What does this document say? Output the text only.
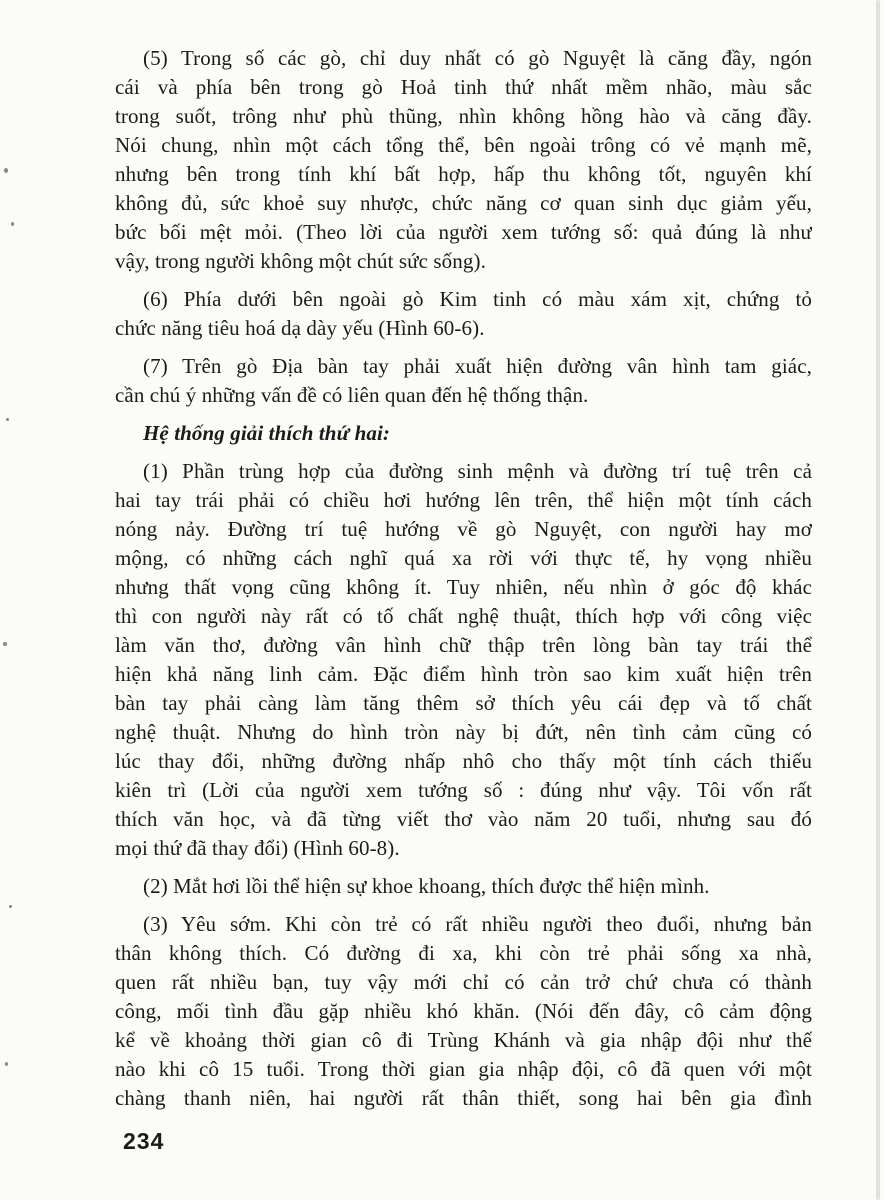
(5) Trong số các gò, chỉ duy nhất có gò Nguyệt là căng đầy, ngón
cái và phía bên trong gò Hoả tinh thứ nhất mềm nhão, màu sắc
trong suốt, trông như phù thũng, nhìn không hồng hào và căng đầy.
Nói chung, nhìn một cách tổng thể, bên ngoài trông có vẻ mạnh mẽ,
nhưng bên trong tính khí bất hợp, hấp thu không tốt, nguyên khí
không đủ, sức khoẻ suy nhược, chức năng cơ quan sinh dục giảm yếu,
bức bối mệt mỏi. (Theo lời của người xem tướng số: quả đúng là như
vậy, trong người không một chút sức sống).
(6) Phía dưới bên ngoài gò Kim tinh có màu xám xịt, chứng tỏ
chức năng tiêu hoá dạ dày yếu (Hình 60-6).
(7) Trên gò Địa bàn tay phải xuất hiện đường vân hình tam giác,
cần chú ý những vấn đề có liên quan đến hệ thống thận.
Hệ thống giải thích thứ hai:
(1) Phần trùng hợp của đường sinh mệnh và đường trí tuệ trên cả
hai tay trái phải có chiều hơi hướng lên trên, thể hiện một tính cách
nóng nảy. Đường trí tuệ hướng về gò Nguyệt, con người hay mơ
mộng, có những cách nghĩ quá xa rời với thực tế, hy vọng nhiều
nhưng thất vọng cũng không ít. Tuy nhiên, nếu nhìn ở góc độ khác
thì con người này rất có tố chất nghệ thuật, thích hợp với công việc
làm văn thơ, đường vân hình chữ thập trên lòng bàn tay trái thể
hiện khả năng linh cảm. Đặc điểm hình tròn sao kim xuất hiện trên
bàn tay phải càng làm tăng thêm sở thích yêu cái đẹp và tố chất
nghệ thuật. Nhưng do hình tròn này bị đứt, nên tình cảm cũng có
lúc thay đổi, những đường nhấp nhô cho thấy một tính cách thiếu
kiên trì (Lời của người xem tướng số : đúng như vậy. Tôi vốn rất
thích văn học, và đã từng viết thơ vào năm 20 tuổi, nhưng sau đó
mọi thứ đã thay đổi) (Hình 60-8).
(2) Mắt hơi lồi thể hiện sự khoe khoang, thích được thể hiện mình.
(3) Yêu sớm. Khi còn trẻ có rất nhiều người theo đuổi, nhưng bản
thân không thích. Có đường đi xa, khi còn trẻ phải sống xa nhà,
quen rất nhiều bạn, tuy vậy mới chỉ có cản trở chứ chưa có thành
công, mối tình đầu gặp nhiều khó khăn. (Nói đến đây, cô cảm động
kể về khoảng thời gian cô đi Trùng Khánh và gia nhập đội như thế
nào khi cô 15 tuổi. Trong thời gian gia nhập đội, cô đã quen với một
chàng thanh niên, hai người rất thân thiết, song hai bên gia đình
234
